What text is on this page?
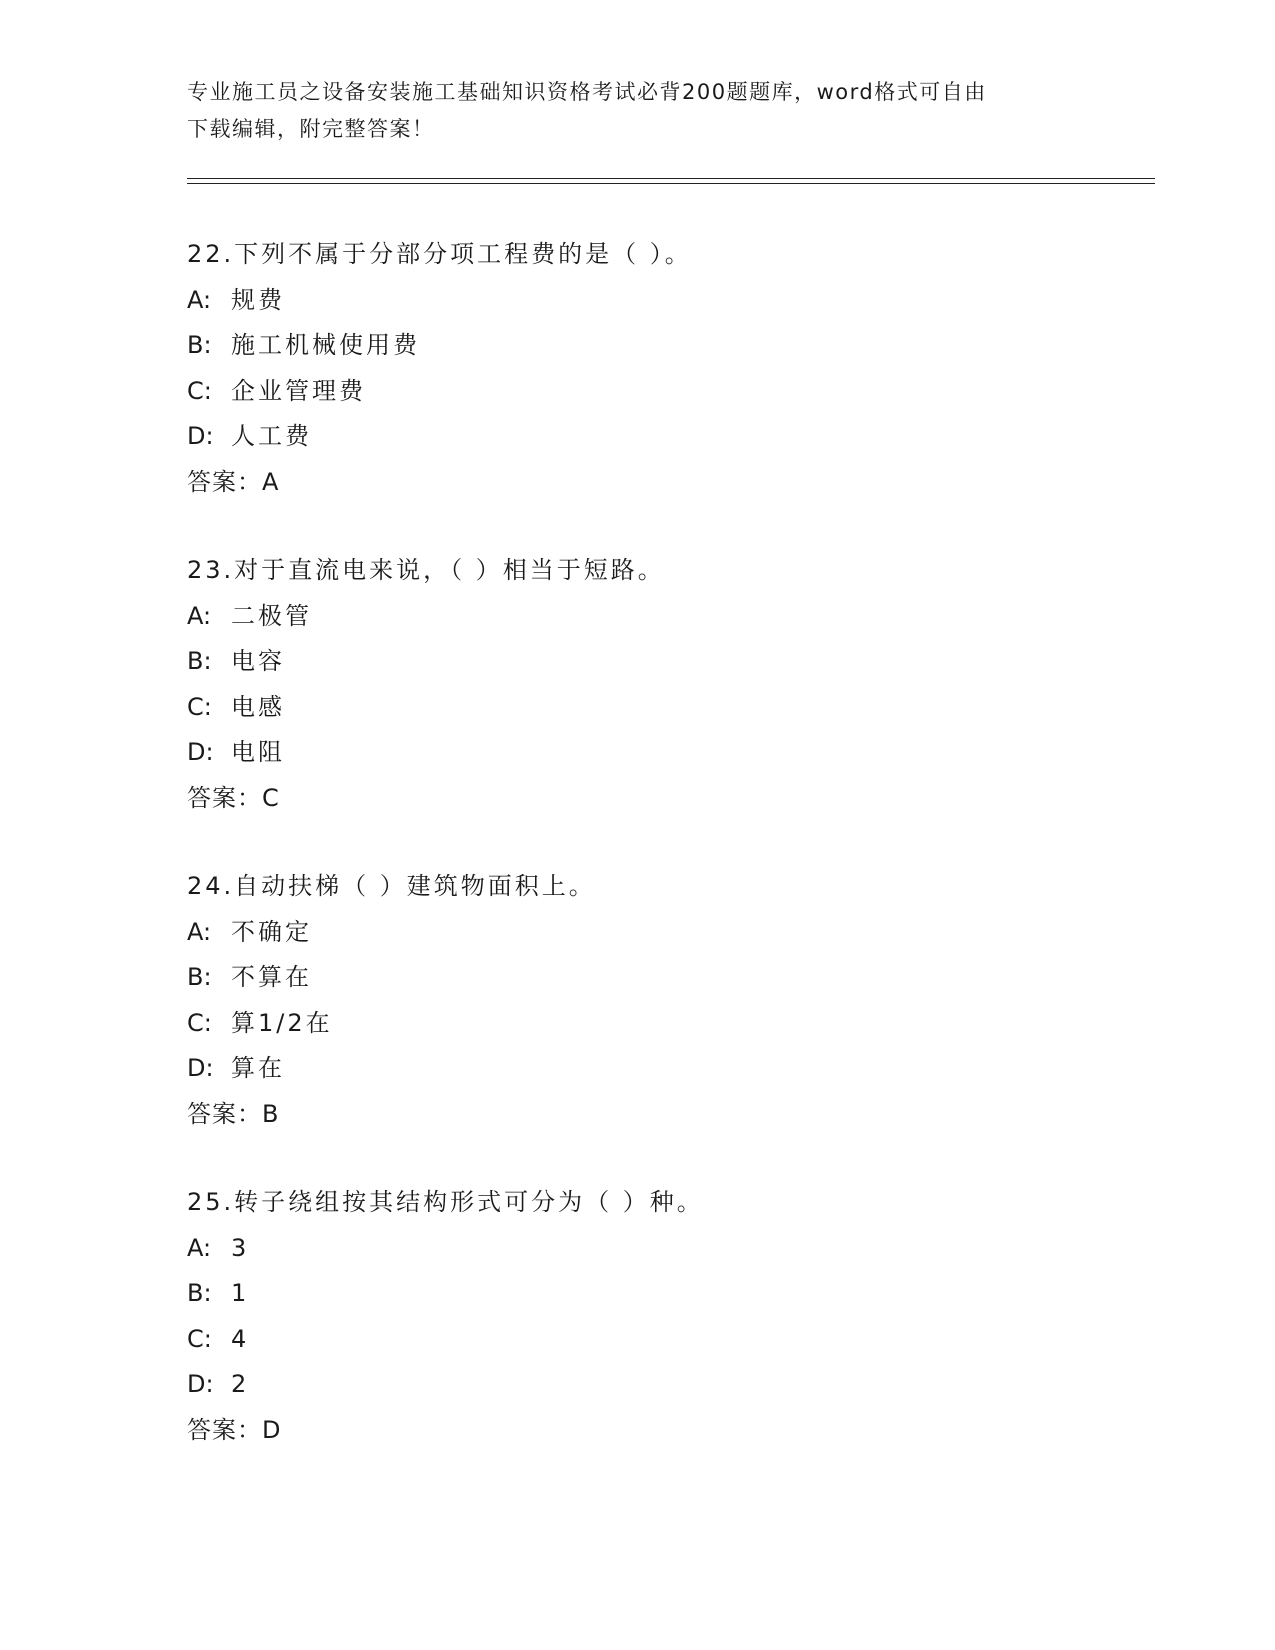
专业施工员之设备安装施工基础知识资格考试必背200题题库，word格式可自由
下载编辑，附完整答案！

22.下列不属于分部分项工程费的是（ ）。
A: 规费
B: 施工机械使用费
C: 企业管理费
D: 人工费
答案：A
23.对于直流电来说，（ ）相当于短路。
A: 二极管
B: 电容
C: 电感
D: 电阻
答案：C
24.自动扶梯（ ）建筑物面积上。
A: 不确定
B: 不算在
C: 算1/2在
D: 算在
答案：B
25.转子绕组按其结构形式可分为（ ）种。
A: 3
B: 1
C: 4
D: 2
答案：D
